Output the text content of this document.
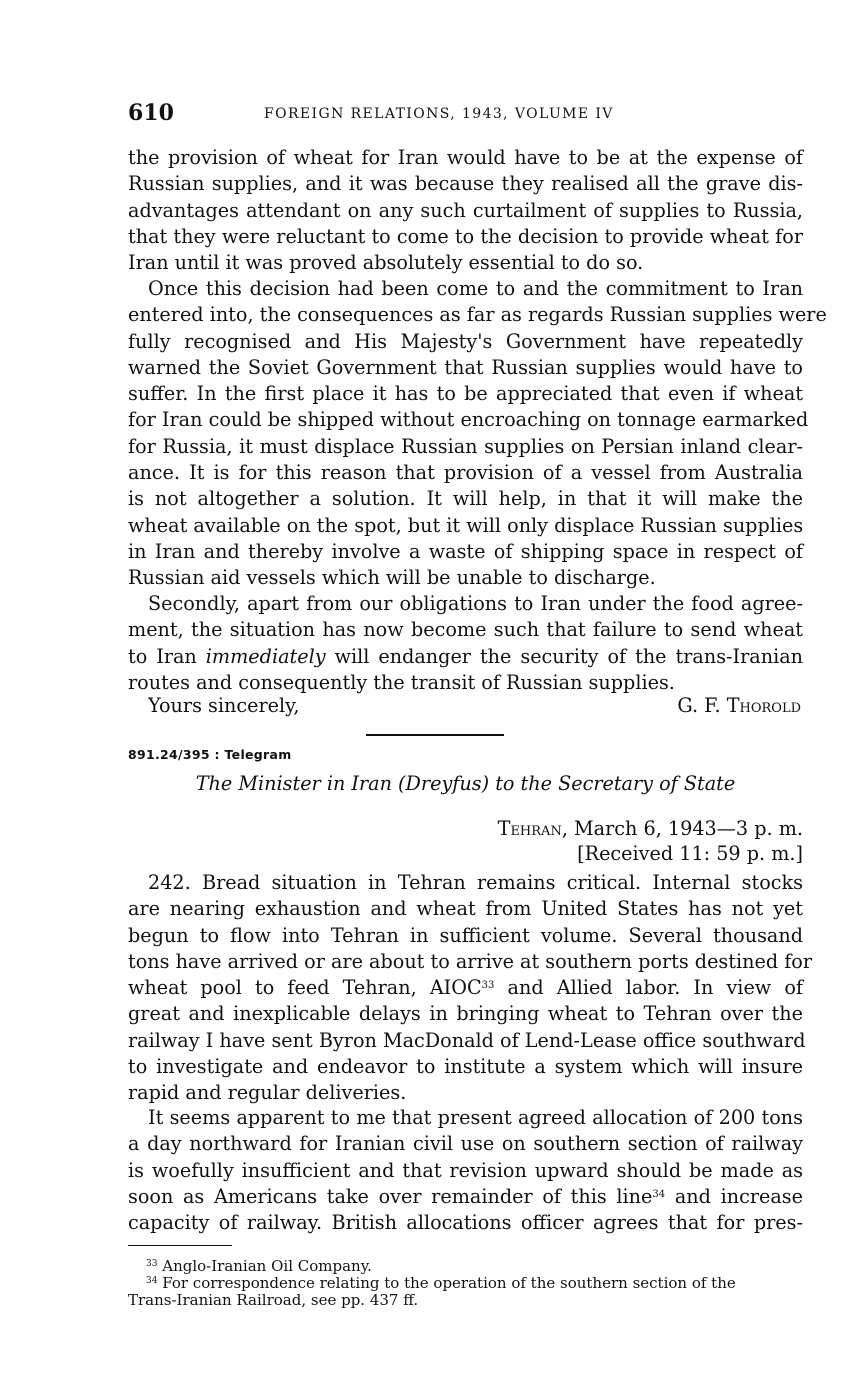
610	FOREIGN RELATIONS, 1943, VOLUME IV

the provision of wheat for Iran would have to be at the expense of
Russian supplies, and it was because they realised all the grave dis-
advantages attendant on any such curtailment of supplies to Russia,
that they were reluctant to come to the decision to provide wheat for
Iran until it was proved absolutely essential to do so.

Once this decision had been come to and the commitment to Iran
entered into, the consequences as far as regards Russian supplies were
fully recognised and His Majesty's Government have repeatedly
warned the Soviet Government that Russian supplies would have to
suffer. In the first place it has to be appreciated that even if wheat
for Iran could be shipped without encroaching on tonnage earmarked
for Russia, it must displace Russian supplies on Persian inland clear-
ance. It is for this reason that provision of a vessel from Australia
is not altogether a solution. It will help, in that it will make the
wheat available on the spot, but it will only displace Russian supplies
in Iran and thereby involve a waste of shipping space in respect of
Russian aid vessels which will be unable to discharge.

Secondly, apart from our obligations to Iran under the food agree-
ment, the situation has now become such that failure to send wheat
to Iran immediately will endanger the security of the trans-Iranian
routes and consequently the transit of Russian supplies.

Yours sincerely,	G. F. Thorold
891.24/395 : Telegram
The Minister in Iran (Dreyfus) to the Secretary of State
Tehran, March 6, 1943—3 p. m.
[Received 11: 59 p. m.]

242. Bread situation in Tehran remains critical. Internal stocks
are nearing exhaustion and wheat from United States has not yet
begun to flow into Tehran in sufficient volume. Several thousand
tons have arrived or are about to arrive at southern ports destined for
wheat pool to feed Tehran, AIOC$^{33}$ and Allied labor. In view of
great and inexplicable delays in bringing wheat to Tehran over the
railway I have sent Byron MacDonald of Lend-Lease office southward
to investigate and endeavor to institute a system which will insure
rapid and regular deliveries.

It seems apparent to me that present agreed allocation of 200 tons
a day northward for Iranian civil use on southern section of railway
is woefully insufficient and that revision upward should be made as
soon as Americans take over remainder of this line$^{34}$ and increase
capacity of railway. British allocations officer agrees that for pres-

$^{33}$ Anglo-Iranian Oil Company.
$^{34}$ For correspondence relating to the operation of the southern section of the
Trans-Iranian Railroad, see pp. 437 ff.
